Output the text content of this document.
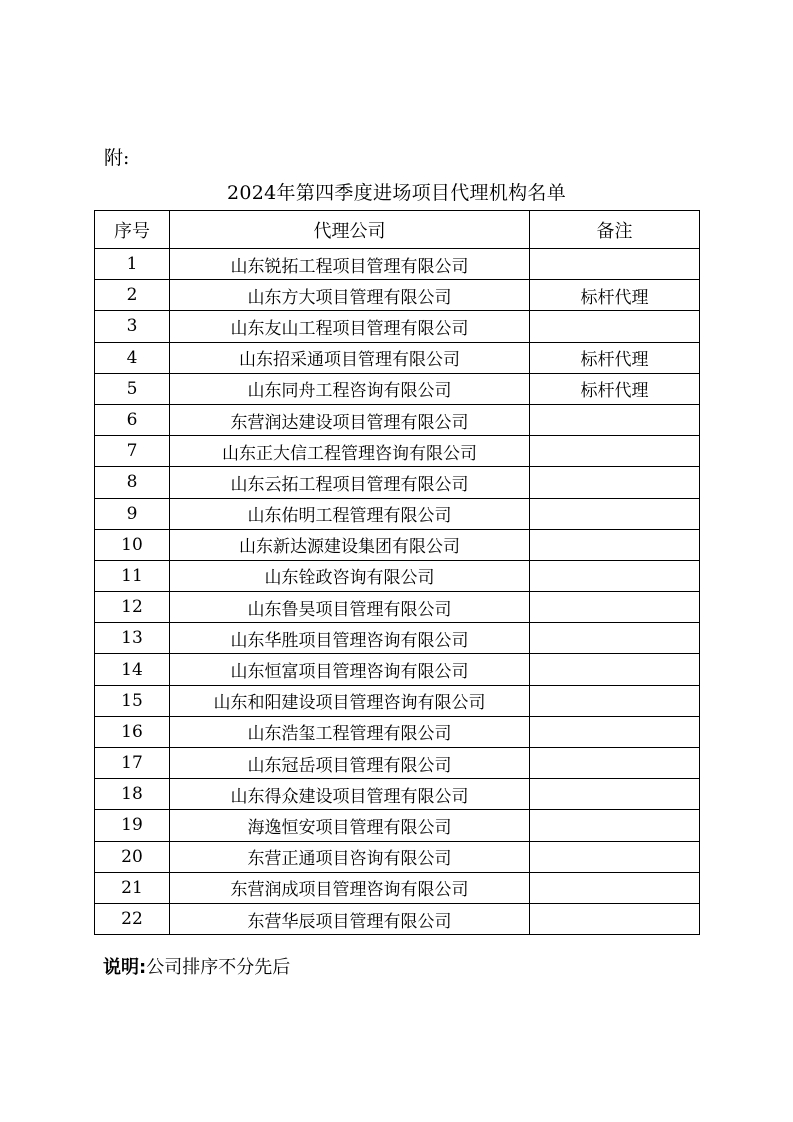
附:
2024年第四季度进场项目代理机构名单
序号	代理公司	备注
1	山东锐拓工程项目管理有限公司	
2	山东方大项目管理有限公司	标杆代理
3	山东友山工程项目管理有限公司	
4	山东招采通项目管理有限公司	标杆代理
5	山东同舟工程咨询有限公司	标杆代理
6	东营润达建设项目管理有限公司	
7	山东正大信工程管理咨询有限公司	
8	山东云拓工程项目管理有限公司	
9	山东佑明工程管理有限公司	
10	山东新达源建设集团有限公司	
11	山东铨政咨询有限公司	
12	山东鲁昊项目管理有限公司	
13	山东华胜项目管理咨询有限公司	
14	山东恒富项目管理咨询有限公司	
15	山东和阳建设项目管理咨询有限公司	
16	山东浩玺工程管理有限公司	
17	山东冠岳项目管理有限公司	
18	山东得众建设项目管理有限公司	
19	海逸恒安项目管理有限公司	
20	东营正通项目咨询有限公司	
21	东营润成项目管理咨询有限公司	
22	东营华辰项目管理有限公司	
说明:公司排序不分先后
